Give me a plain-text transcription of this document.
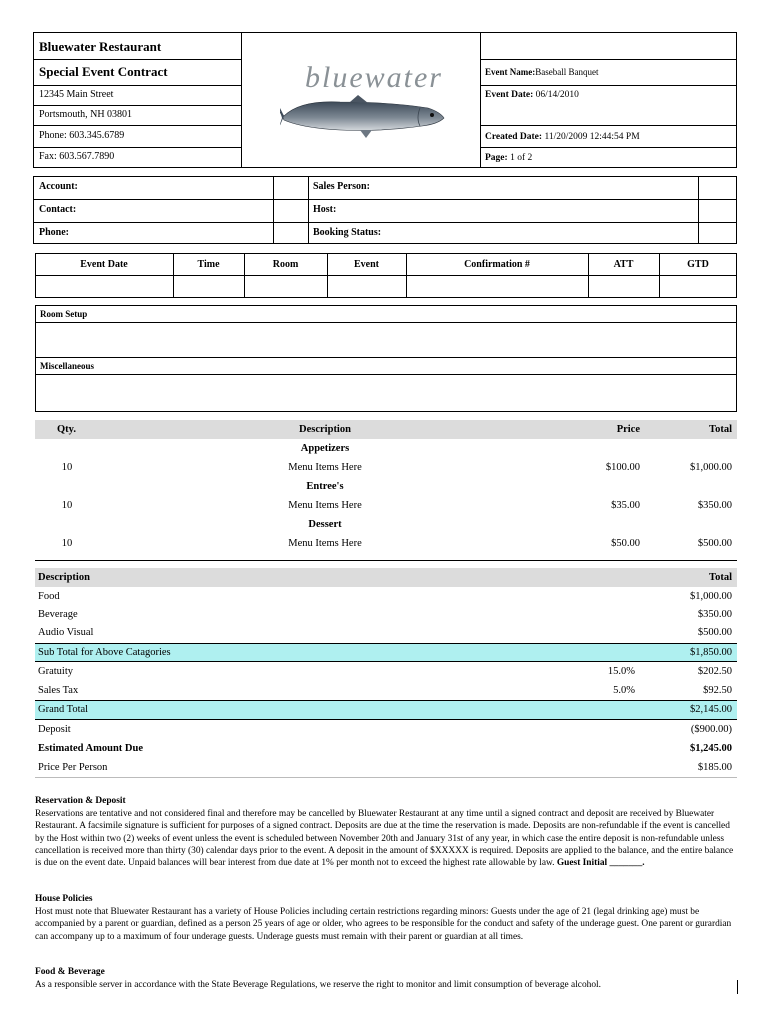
Bluewater Restaurant
Special Event Contract
12345 Main Street
Portsmouth, NH 03801
Phone: 603.345.6789
Fax: 603.567.7890
Event Name:Baseball Banquet
Event Date: 06/14/2010
Created Date: 11/20/2009 12:44:54 PM
Page: 1 of 2
bluewater
Account:	Sales Person:
Contact:	Host:
Phone:	Booking Status:
Event Date	Time	Room	Event	Confirmation #	ATT	GTD
Room Setup
Miscellaneous
Qty.	Description	Price	Total
Appetizers
10	Menu Items Here	$100.00	$1,000.00
Entree's
10	Menu Items Here	$35.00	$350.00
Dessert
10	Menu Items Here	$50.00	$500.00
Description	Total
Food	$1,000.00
Beverage	$350.00
Audio Visual	$500.00
Sub Total for Above Catagories	$1,850.00
Gratuity	15.0%	$202.50
Sales Tax	5.0%	$92.50
Grand Total	$2,145.00
Deposit	($900.00)
Estimated Amount Due	$1,245.00
Price Per Person	$185.00
Reservation & Deposit
Reservations are tentative and not considered final and therefore may be cancelled by Bluewater Restaurant at any time until a signed contract and deposit are received by Bluewater Restaurant. A facsimile signature is sufficient for purposes of a signed contract. Deposits are due at the time the reservation is made. Deposits are non-refundable if the event is cancelled by the Host within two (2) weeks of event unless the event is scheduled between November 20th and January 31st of any year, in which case the entire deposit is non-refundable unless cancellation is received more than thirty (30) calendar days prior to the event. A deposit in the amount of $XXXXX is required. Deposits are applied to the balance, and the entire balance is due on the event date. Unpaid balances will bear interest from due date at 1% per month not to exceed the highest rate allowable by law. Guest Initial _______.
House Policies
Host must note that Bluewater Restaurant has a variety of House Policies including certain restrictions regarding minors: Guests under the age of 21 (legal drinking age) must be accompanied by a parent or guardian, defined as a person 25 years of age or older, who agrees to be responsible for the conduct and safety of the underage guest. One parent or gurardian can accompany up to a maximum of four underage guests. Underage guests must remain with their parent or guardian at all times.
Food & Beverage
As a responsible server in accordance with the State Beverage Regulations, we reserve the right to monitor and limit consumption of beverage alcohol.
